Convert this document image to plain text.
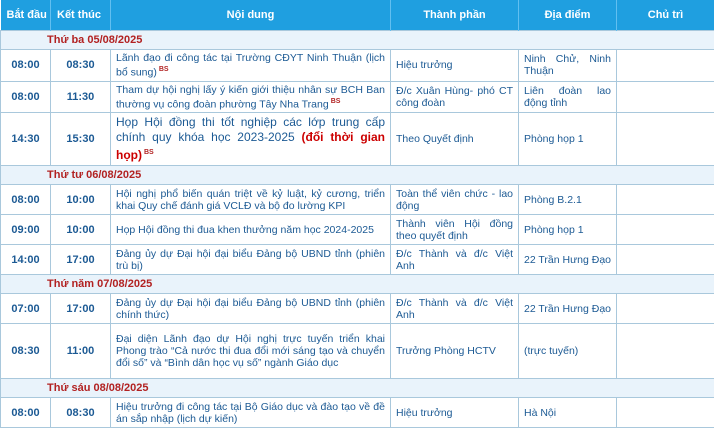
Bắt đầu	Kết thúc	Nội dung	Thành phần	Địa điểm	Chủ trì
Thứ ba 05/08/2025					
08:00	08:30	Lãnh đạo đi công tác tại Trường CĐYT Ninh Thuận (lịch bổ sung) $^{BS}$	Hiệu trưởng	Ninh Chử, Ninh Thuận	
08:00	11:30	Tham dự hội nghị lấy ý kiến giới thiệu nhân sự BCH Ban thường vụ công đoàn phường Tây Nha Trang $^{BS}$	Đ/c Xuân Hùng- phó CT công đoàn	Liên đoàn lao động tỉnh	
14:30	15:30	Họp Hội đồng thi tốt nghiệp các lớp trung cấp chính quy khóa học 2023-2025 (đổi thời gian họp) $^{BS}$	Theo Quyết định	Phòng họp 1	
Thứ tư 06/08/2025					
08:00	10:00	Hội nghị phổ biến quán triệt về kỷ luật, kỷ cương, triển khai Quy chế đánh giá VCLĐ và bộ đo lường KPI	Toàn thể viên chức - lao động	Phòng B.2.1	
09:00	10:00	Họp Hội đồng thi đua khen thưởng năm học 2024-2025	Thành viên Hội đồng theo quyết định	Phòng họp 1	
14:00	17:00	Đảng ủy dự Đại hội đại biểu Đảng bộ UBND tỉnh (phiên trù bị)	Đ/c Thành và đ/c Việt Anh	22 Trần Hưng Đạo	
Thứ năm 07/08/2025					
07:00	17:00	Đảng ủy dự Đại hội đại biểu Đảng bộ UBND tỉnh (phiên chính thức)	Đ/c Thành và đ/c Việt Anh	22 Trần Hưng Đạo	
08:30	11:00	Đại diện Lãnh đạo dự Hội nghị trực tuyến triển khai Phong trào “Cả nước thi đua đổi mới sáng tạo và chuyển đổi số” và “Bình dân học vụ số” ngành Giáo dục	Trưởng Phòng HCTV	(trực tuyến)	
Thứ sáu 08/08/2025					
08:00	08:30	Hiệu trưởng đi công tác tại Bộ Giáo dục và đào tạo về đề án sắp nhập (lịch dự kiến)	Hiệu trưởng	Hà Nội	
